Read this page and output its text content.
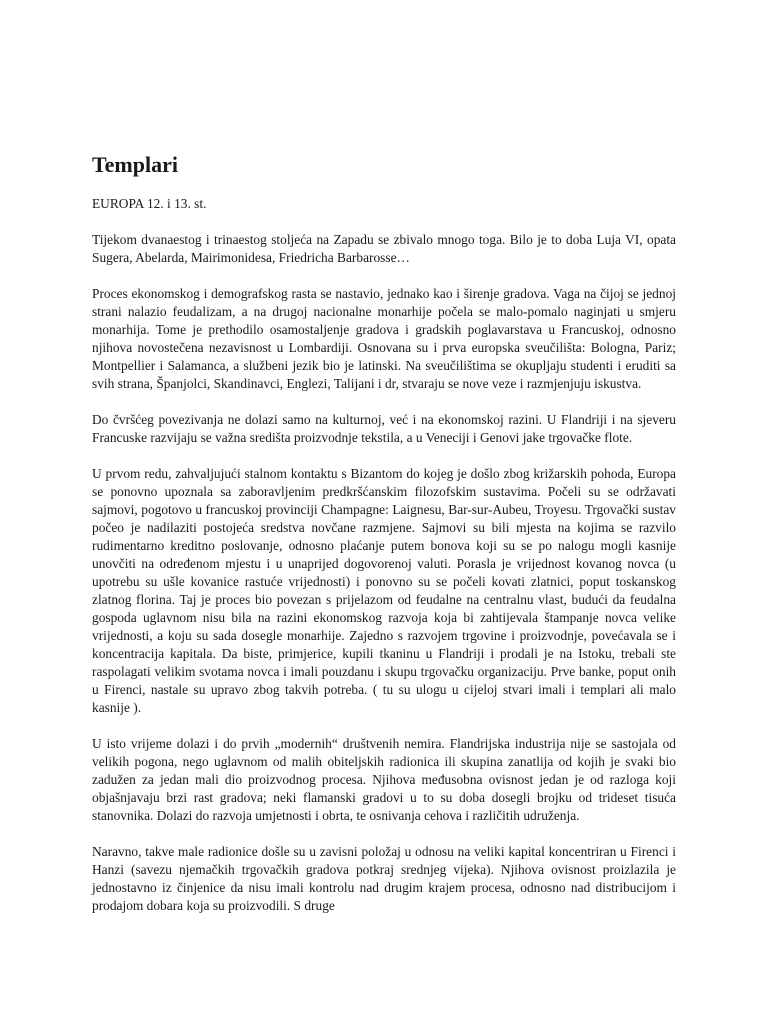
Templari
EUROPA 12. i 13. st.

Tijekom dvanaestog i trinaestog stoljeća na Zapadu se zbivalo mnogo toga. Bilo je to doba Luja VI, opata Sugera, Abelarda, Mairimonidesa, Friedricha Barbarosse…

Proces ekonomskog i demografskog rasta se nastavio, jednako kao i širenje gradova. Vaga na čijoj se jednoj strani nalazio feudalizam, a na drugoj nacionalne monarhije počela se malo-pomalo naginjati u smjeru monarhija. Tome je prethodilo osamostaljenje gradova i gradskih poglavarstava u Francuskoj, odnosno njihova novostečena nezavisnost u Lombardiji. Osnovana su i prva europska sveučilišta: Bologna, Pariz; Montpellier i Salamanca, a službeni jezik bio je latinski. Na sveučilištima se okupljaju studenti i eruditi sa svih strana, Španjolci, Skandinavci, Englezi, Talijani i dr, stvaraju se nove veze i razmjenjuju iskustva.

Do čvršćeg povezivanja ne dolazi samo na kulturnoj, već i na ekonomskoj razini. U Flandriji i na sjeveru Francuske razvijaju se važna središta proizvodnje tekstila, a u Veneciji i Genovi jake trgovačke flote.

U prvom redu, zahvaljujući stalnom kontaktu s Bizantom do kojeg je došlo zbog križarskih pohoda, Europa se ponovno upoznala sa zaboravljenim predkršćanskim filozofskim sustavima. Počeli su se održavati sajmovi, pogotovo u francuskoj provinciji Champagne: Laignesu, Bar-sur-Aubeu, Troyesu. Trgovački sustav počeo je nadilaziti postojeća sredstva novčane razmjene. Sajmovi su bili mjesta na kojima se razvilo rudimentarno kreditno poslovanje, odnosno plaćanje putem bonova koji su se po nalogu mogli kasnije unovčiti na određenom mjestu i u unaprijed dogovorenoj valuti. Porasla je vrijednost kovanog novca (u upotrebu su ušle kovanice rastuće vrijednosti) i ponovno su se počeli kovati zlatnici, poput toskanskog zlatnog florina. Taj je proces bio povezan s prijelazom od feudalne na centralnu vlast, budući da feudalna gospoda uglavnom nisu bila na razini ekonomskog razvoja koja bi zahtijevala štampanje novca velike vrijednosti, a koju su sada dosegle monarhije. Zajedno s razvojem trgovine i proizvodnje, povećavala se i koncentracija kapitala. Da biste, primjerice, kupili tkaninu u Flandriji i prodali je na Istoku, trebali ste raspolagati velikim svotama novca i imali pouzdanu i skupu trgovačku organizaciju. Prve banke, poput onih u Firenci, nastale su upravo zbog takvih potreba. ( tu su ulogu u cijeloj stvari imali i templari ali malo kasnije ).

U isto vrijeme dolazi i do prvih „modernih“ društvenih nemira. Flandrijska industrija nije se sastojala od velikih pogona, nego uglavnom od malih obiteljskih radionica ili skupina zanatlija od kojih je svaki bio zadužen za jedan mali dio proizvodnog procesa. Njihova međusobna ovisnost jedan je od razloga koji objašnjavaju brzi rast gradova; neki flamanski gradovi u to su doba dosegli brojku od trideset tisuća stanovnika. Dolazi do razvoja umjetnosti i obrta, te osnivanja cehova i različitih udruženja.

Naravno, takve male radionice došle su u zavisni položaj u odnosu na veliki kapital koncentriran u Firenci i Hanzi (savezu njemačkih trgovačkih gradova potkraj srednjeg vijeka). Njihova ovisnost proizlazila je jednostavno iz činjenice da nisu imali kontrolu nad drugim krajem procesa, odnosno nad distribucijom i prodajom dobara koja su proizvodili. S druge
